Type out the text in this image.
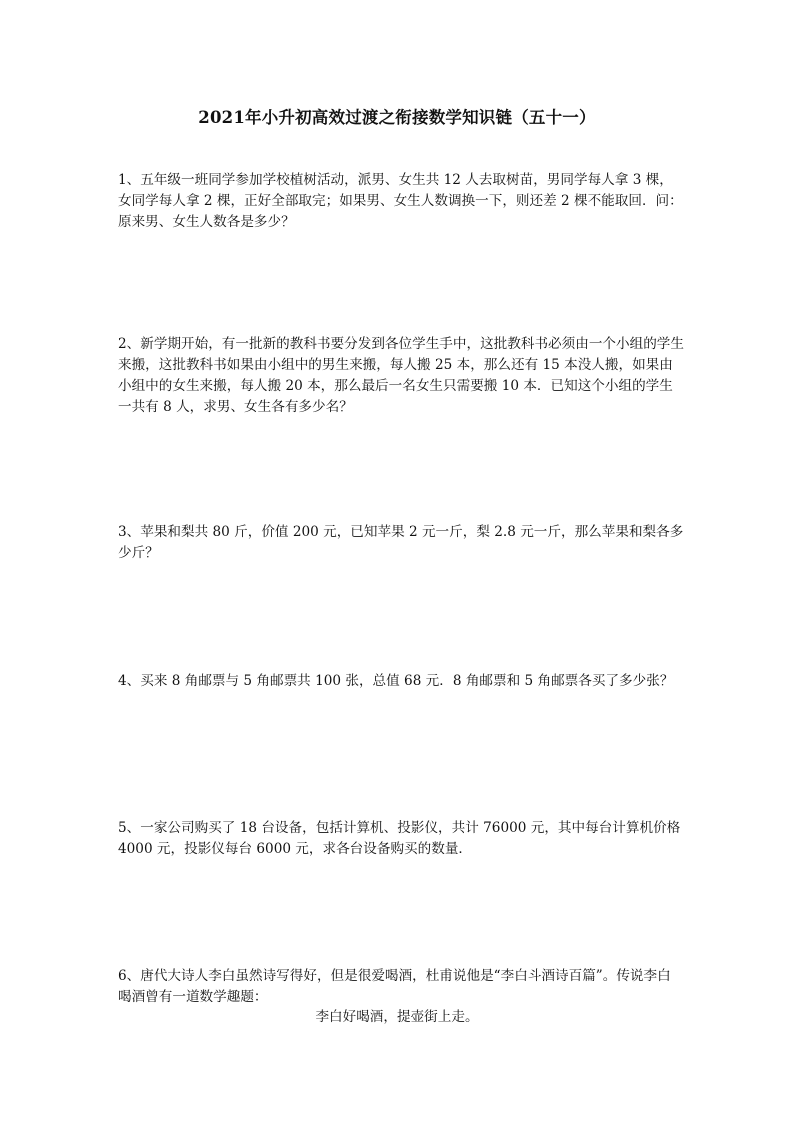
2021年小升初高效过渡之衔接数学知识链（五十一）

1、五年级一班同学参加学校植树活动，派男、女生共 12 人去取树苗，男同学每人拿 3 棵，女同学每人拿 2 棵，正好全部取完；如果男、女生人数调换一下，则还差 2 棵不能取回．问：原来男、女生人数各是多少？

2、新学期开始，有一批新的教科书要分发到各位学生手中，这批教科书必须由一个小组的学生来搬，这批教科书如果由小组中的男生来搬，每人搬 25 本，那么还有 15 本没人搬，如果由小组中的女生来搬，每人搬 20 本，那么最后一名女生只需要搬 10 本．已知这个小组的学生一共有 8 人，求男、女生各有多少名？

3、苹果和梨共 80 斤，价值 200 元，已知苹果 2 元一斤，梨 2.8 元一斤，那么苹果和梨各多少斤？

4、买来 8 角邮票与 5 角邮票共 100 张，总值 68 元．8 角邮票和 5 角邮票各买了多少张？

5、一家公司购买了 18 台设备，包括计算机、投影仪，共计 76000 元，其中每台计算机价格 4000 元，投影仪每台 6000 元，求各台设备购买的数量．

6、唐代大诗人李白虽然诗写得好，但是很爱喝酒，杜甫说他是“李白斗酒诗百篇”。传说李白喝酒曾有一道数学趣题：

李白好喝酒，提壶街上走。
